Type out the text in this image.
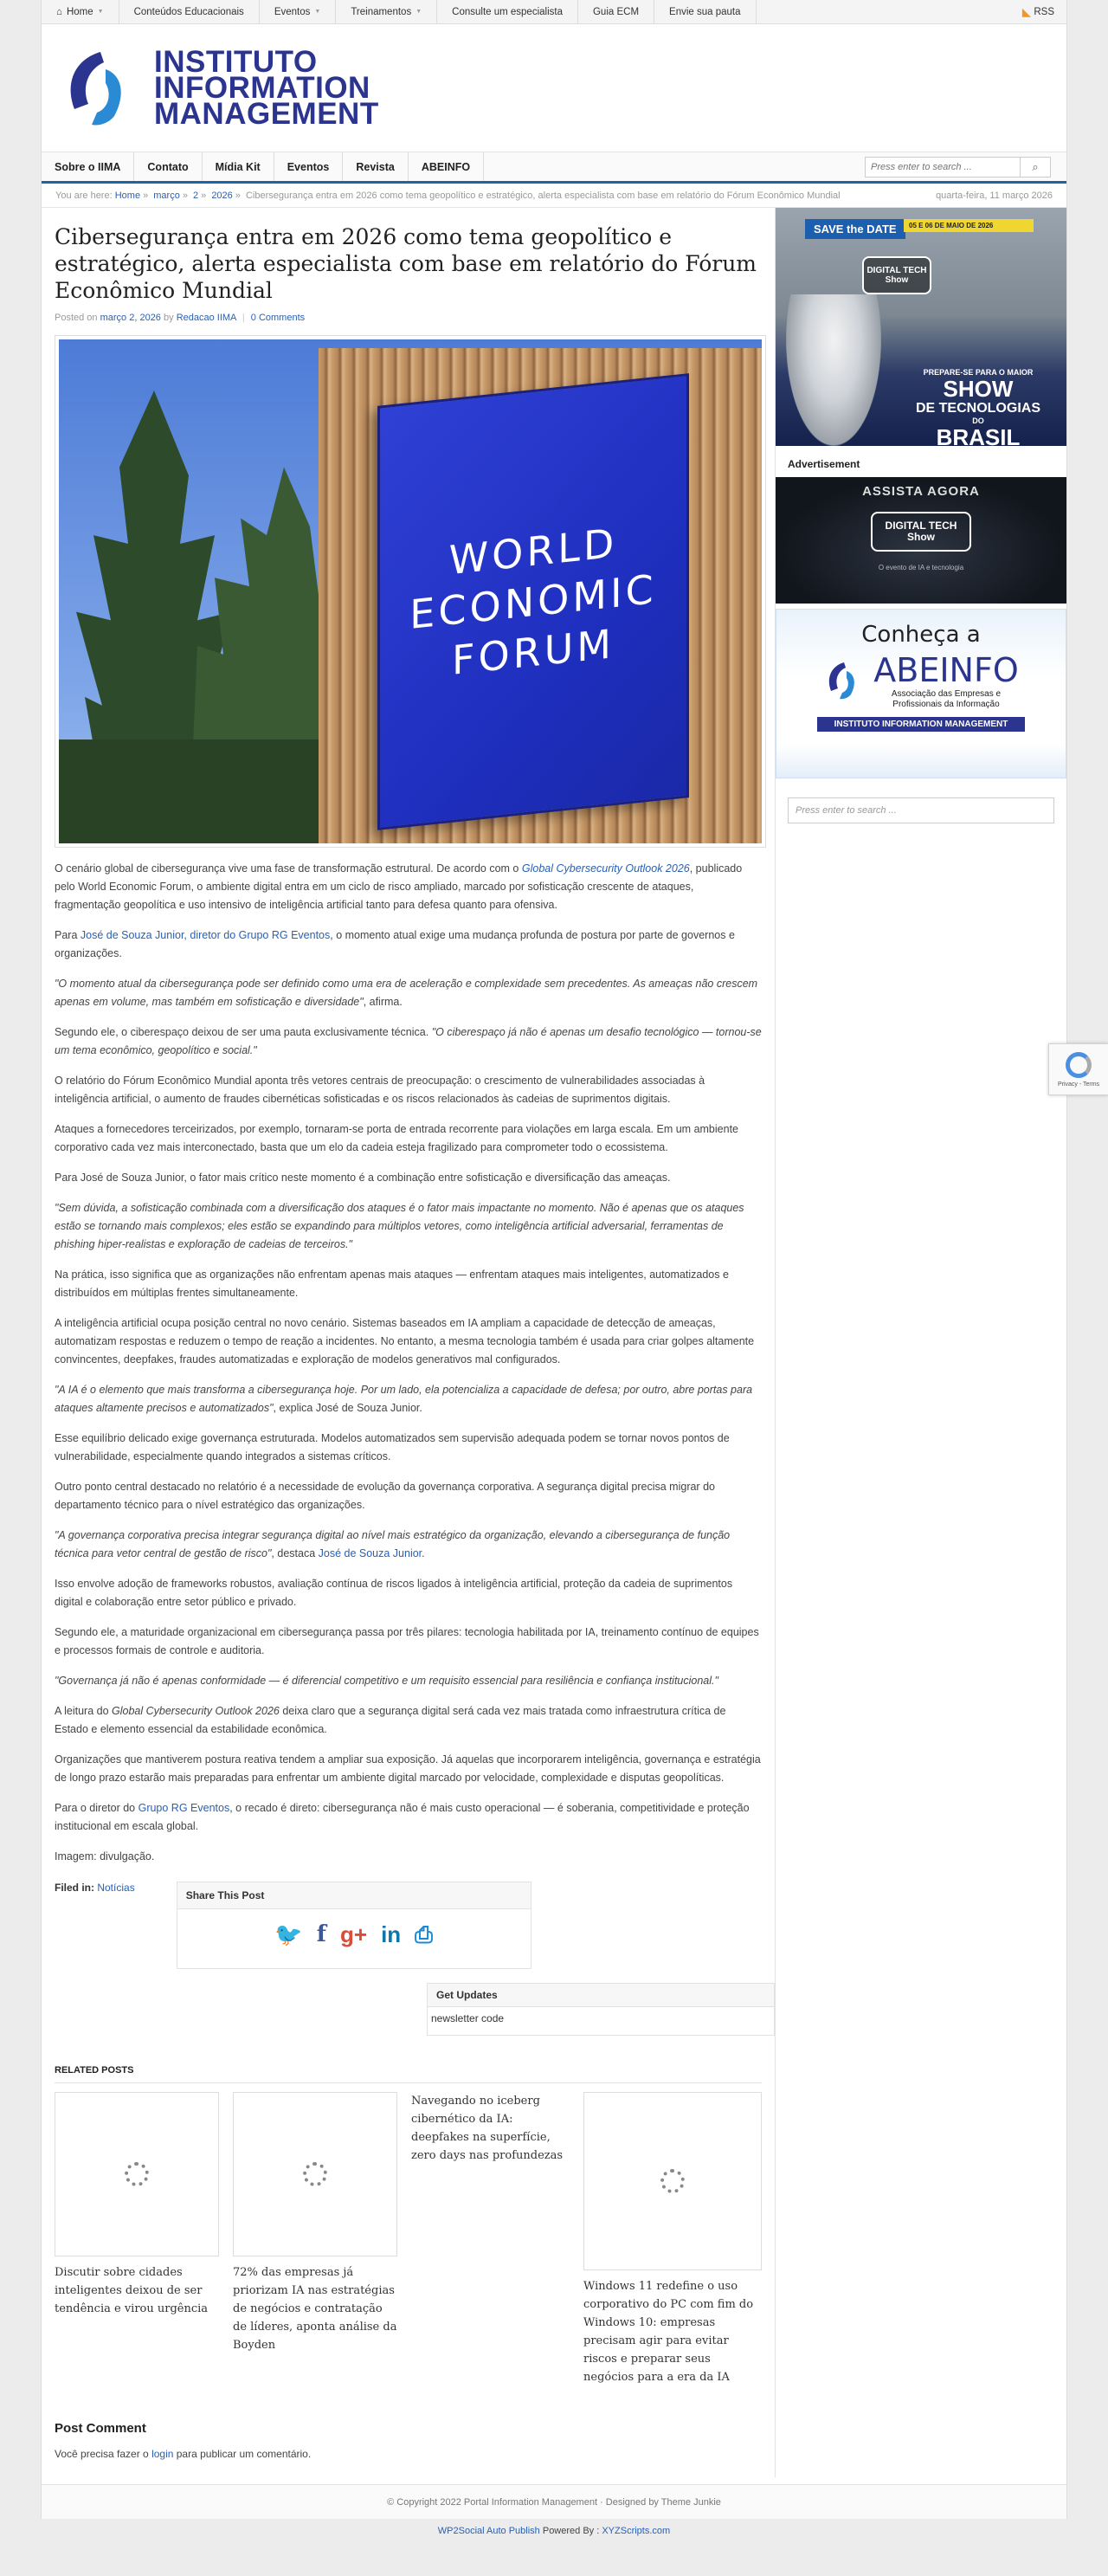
⌂ Home ▼	Conteúdos Educacionais	Eventos ▼	Treinamentos ▼	Consulte um especialista	Guia ECM	Envie sua pauta	◣ RSS
INSTITUTO
INFORMATION
MANAGEMENT
Sobre o IIMA	Contato	Mídia Kit	Eventos	Revista	ABEINFO
Press enter to search ...	⌕
You are here: Home » março » 2 » 2026 » Cibersegurança entra em 2026 como tema geopolítico e estratégico, alerta especialista com base em relatório do Fórum Econômico Mundial	quarta-feira, 11 março 2026
Cibersegurança entra em 2026 como tema geopolítico e estratégico, alerta especialista com base em relatório do Fórum Econômico Mundial
Posted on março 2, 2026 by Redacao IIMA | 0 Comments
WORLD
ECONOMIC
FORUM

O cenário global de cibersegurança vive uma fase de transformação estrutural. De acordo com o Global Cybersecurity Outlook 2026, publicado pelo World Economic Forum, o ambiente digital entra em um ciclo de risco ampliado, marcado por sofisticação crescente de ataques, fragmentação geopolítica e uso intensivo de inteligência artificial tanto para defesa quanto para ofensiva.

Para José de Souza Junior, diretor do Grupo RG Eventos, o momento atual exige uma mudança profunda de postura por parte de governos e organizações.

"O momento atual da cibersegurança pode ser definido como uma era de aceleração e complexidade sem precedentes. As ameaças não crescem apenas em volume, mas também em sofisticação e diversidade", afirma.

Segundo ele, o ciberespaço deixou de ser uma pauta exclusivamente técnica. "O ciberespaço já não é apenas um desafio tecnológico — tornou-se um tema econômico, geopolítico e social."

O relatório do Fórum Econômico Mundial aponta três vetores centrais de preocupação: o crescimento de vulnerabilidades associadas à inteligência artificial, o aumento de fraudes cibernéticas sofisticadas e os riscos relacionados às cadeias de suprimentos digitais.

Ataques a fornecedores terceirizados, por exemplo, tornaram-se porta de entrada recorrente para violações em larga escala. Em um ambiente corporativo cada vez mais interconectado, basta que um elo da cadeia esteja fragilizado para comprometer todo o ecossistema.

Para José de Souza Junior, o fator mais crítico neste momento é a combinação entre sofisticação e diversificação das ameaças.

"Sem dúvida, a sofisticação combinada com a diversificação dos ataques é o fator mais impactante no momento. Não é apenas que os ataques estão se tornando mais complexos; eles estão se expandindo para múltiplos vetores, como inteligência artificial adversarial, ferramentas de phishing hiper-realistas e exploração de cadeias de terceiros."

Na prática, isso significa que as organizações não enfrentam apenas mais ataques — enfrentam ataques mais inteligentes, automatizados e distribuídos em múltiplas frentes simultaneamente.

A inteligência artificial ocupa posição central no novo cenário. Sistemas baseados em IA ampliam a capacidade de detecção de ameaças, automatizam respostas e reduzem o tempo de reação a incidentes. No entanto, a mesma tecnologia também é usada para criar golpes altamente convincentes, deepfakes, fraudes automatizadas e exploração de modelos generativos mal configurados.

"A IA é o elemento que mais transforma a cibersegurança hoje. Por um lado, ela potencializa a capacidade de defesa; por outro, abre portas para ataques altamente precisos e automatizados", explica José de Souza Junior.

Esse equilíbrio delicado exige governança estruturada. Modelos automatizados sem supervisão adequada podem se tornar novos pontos de vulnerabilidade, especialmente quando integrados a sistemas críticos.

Outro ponto central destacado no relatório é a necessidade de evolução da governança corporativa. A segurança digital precisa migrar do departamento técnico para o nível estratégico das organizações.

"A governança corporativa precisa integrar segurança digital ao nível mais estratégico da organização, elevando a cibersegurança de função técnica para vetor central de gestão de risco", destaca José de Souza Junior.

Isso envolve adoção de frameworks robustos, avaliação contínua de riscos ligados à inteligência artificial, proteção da cadeia de suprimentos digital e colaboração entre setor público e privado.

Segundo ele, a maturidade organizacional em cibersegurança passa por três pilares: tecnologia habilitada por IA, treinamento contínuo de equipes e processos formais de controle e auditoria.

"Governança já não é apenas conformidade — é diferencial competitivo e um requisito essencial para resiliência e confiança institucional."

A leitura do Global Cybersecurity Outlook 2026 deixa claro que a segurança digital será cada vez mais tratada como infraestrutura crítica de Estado e elemento essencial da estabilidade econômica.

Organizações que mantiverem postura reativa tendem a ampliar sua exposição. Já aquelas que incorporarem inteligência, governança e estratégia de longo prazo estarão mais preparadas para enfrentar um ambiente digital marcado por velocidade, complexidade e disputas geopolíticas.

Para o diretor do Grupo RG Eventos, o recado é direto: cibersegurança não é mais custo operacional — é soberania, competitividade e proteção institucional em escala global.

Imagem: divulgação.

Filed in: Notícias
Share This Post
🐦 f g+ in ⎙
Get Updates
newsletter code
RELATED POSTS
Discutir sobre cidades inteligentes deixou de ser tendência e virou urgência
72% das empresas já priorizam IA nas estratégias de negócios e contratação de líderes, aponta análise da Boyden
Navegando no iceberg cibernético da IA: deepfakes na superfície, zero days nas profundezas
Windows 11 redefine o uso corporativo do PC com fim do Windows 10: empresas precisam agir para evitar riscos e preparar seus negócios para a era da IA
Post Comment

Você precisa fazer o login para publicar um comentário.

SAVE the DATE	05 E 06 DE MAIO DE 2026
DIGITAL TECH
Show
PREPARE-SE PARA O MAIOR
SHOW
DE TECNOLOGIAS
DO
BRASIL
Advertisement
ASSISTA AGORA
DIGITAL TECH
Show
O evento de IA e tecnologia
Conheça a
ABEINFO
Associação das Empresas e
Profissionais da Informação
INSTITUTO INFORMATION MANAGEMENT
Press enter to search ...
© Copyright 2022 Portal Information Management · Designed by Theme Junkie
WP2Social Auto Publish Powered By : XYZScripts.com
Privacy - Terms
